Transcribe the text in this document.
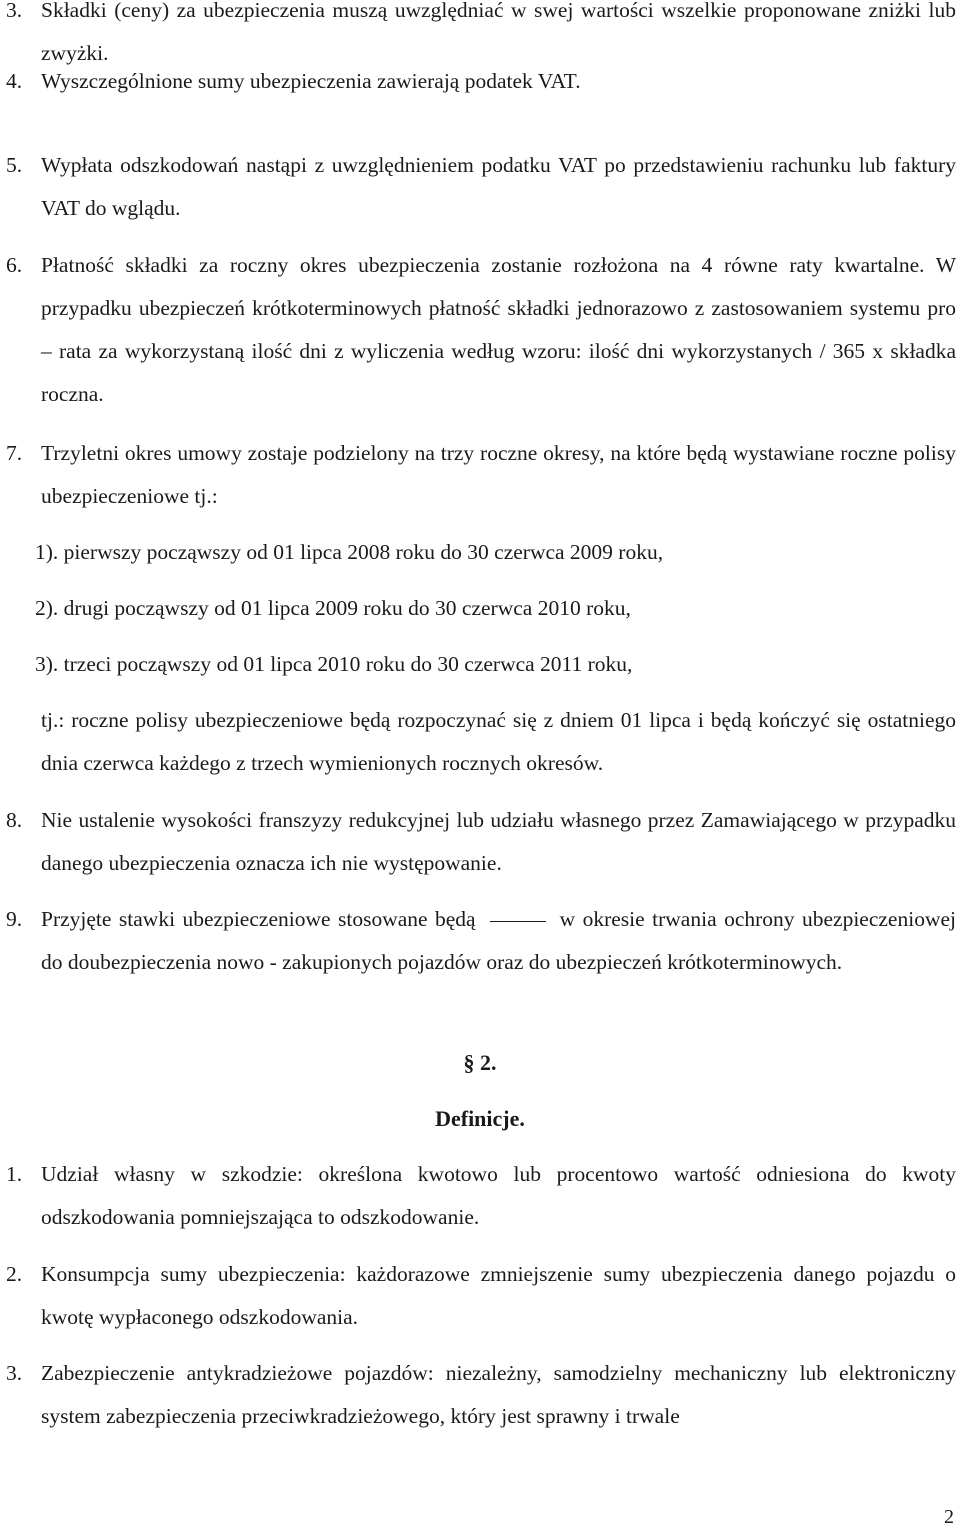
3. Składki (ceny) za ubezpieczenia muszą uwzględniać w swej wartości wszelkie proponowane zniżki lub zwyżki.
4. Wyszczególnione sumy ubezpieczenia zawierają podatek VAT.
5. Wypłata odszkodowań nastąpi z uwzględnieniem podatku VAT po przedstawieniu rachunku lub faktury VAT do wglądu.
6. Płatność składki za roczny okres ubezpieczenia zostanie rozłożona na 4 równe raty kwartalne. W przypadku ubezpieczeń krótkoterminowych płatność składki jednorazowo z zastosowaniem systemu pro – rata za wykorzystaną ilość dni z wyliczenia według wzoru: ilość dni wykorzystanych / 365 x składka roczna.
7. Trzyletni okres umowy zostaje podzielony na trzy roczne okresy, na które będą wystawiane roczne polisy ubezpieczeniowe tj.:
1). pierwszy począwszy od 01 lipca 2008 roku do 30 czerwca 2009 roku,
2). drugi począwszy od 01 lipca 2009 roku do 30 czerwca 2010 roku,
3). trzeci począwszy od 01 lipca 2010 roku do 30 czerwca 2011 roku,
tj.: roczne polisy ubezpieczeniowe będą rozpoczynać się z dniem 01 lipca i będą kończyć się ostatniego dnia czerwca każdego z trzech wymienionych rocznych okresów.
8. Nie ustalenie wysokości franszyzy redukcyjnej lub udziału własnego przez Zamawiającego w przypadku danego ubezpieczenia oznacza ich nie występowanie.
9. Przyjęte stawki ubezpieczeniowe stosowane będą	w okresie trwania ochrony ubezpieczeniowej do doubezpieczenia nowo - zakupionych pojazdów oraz do ubezpieczeń krótkoterminowych.
§ 2.
Definicje.
1. Udział własny w szkodzie: określona kwotowo lub procentowo wartość odniesiona do kwoty odszkodowania pomniejszająca to odszkodowanie.
2. Konsumpcja sumy ubezpieczenia: każdorazowe zmniejszenie sumy ubezpieczenia danego pojazdu o kwotę wypłaconego odszkodowania.
3. Zabezpieczenie antykradzieżowe pojazdów: niezależny, samodzielny mechaniczny lub elektroniczny system zabezpieczenia przeciwkradzieżowego, który jest sprawny i trwale
2
